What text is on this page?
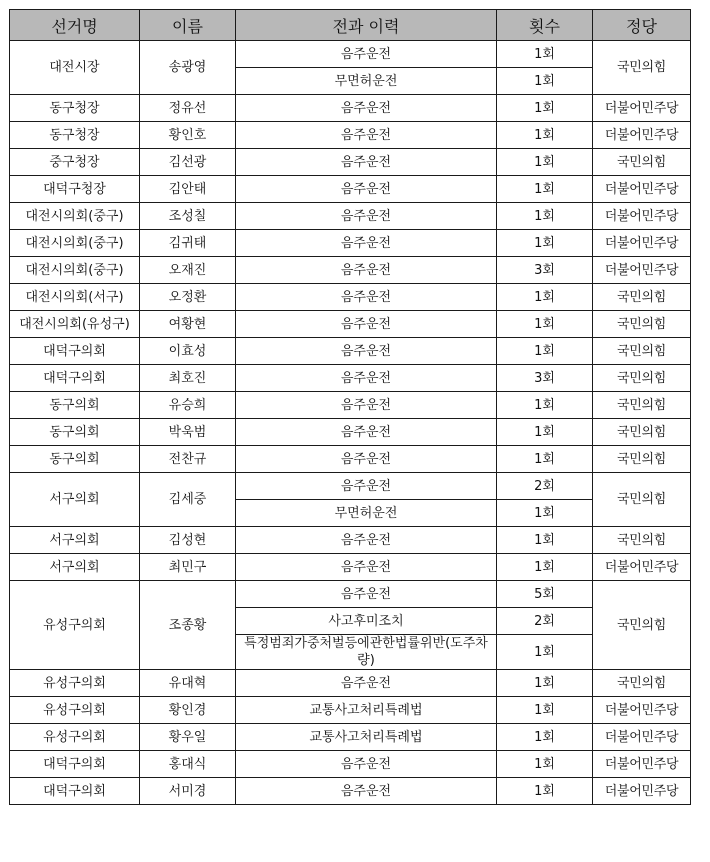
선거명	이름	전과 이력	횟수	정당
대전시장	송광영	음주운전	1회	국민의힘
		무면허운전	1회	
동구청장	정유선	음주운전	1회	더불어민주당
동구청장	황인호	음주운전	1회	더불어민주당
중구청장	김선광	음주운전	1회	국민의힘
대덕구청장	김안태	음주운전	1회	더불어민주당
대전시의회(중구)	조성칠	음주운전	1회	더불어민주당
대전시의회(중구)	김귀태	음주운전	1회	더불어민주당
대전시의회(중구)	오재진	음주운전	3회	더불어민주당
대전시의회(서구)	오정환	음주운전	1회	국민의힘
대전시의회(유성구)	여황현	음주운전	1회	국민의힘
대덕구의회	이효성	음주운전	1회	국민의힘
대덕구의회	최호진	음주운전	3회	국민의힘
동구의회	유승희	음주운전	1회	국민의힘
동구의회	박욱범	음주운전	1회	국민의힘
동구의회	전찬규	음주운전	1회	국민의힘
서구의회	김세중	음주운전	2회	국민의힘
		무면허운전	1회	
서구의회	김성현	음주운전	1회	국민의힘
서구의회	최민구	음주운전	1회	더불어민주당
유성구의회	조종황	음주운전	5회	국민의힘
		사고후미조치	2회	
		특정범죄가중처벌등에관한법률위반(도주차량)	1회	
유성구의회	유대혁	음주운전	1회	국민의힘
유성구의회	황인경	교통사고처리특례법	1회	더불어민주당
유성구의회	황우일	교통사고처리특례법	1회	더불어민주당
대덕구의회	홍대식	음주운전	1회	더불어민주당
대덕구의회	서미경	음주운전	1회	더불어민주당
